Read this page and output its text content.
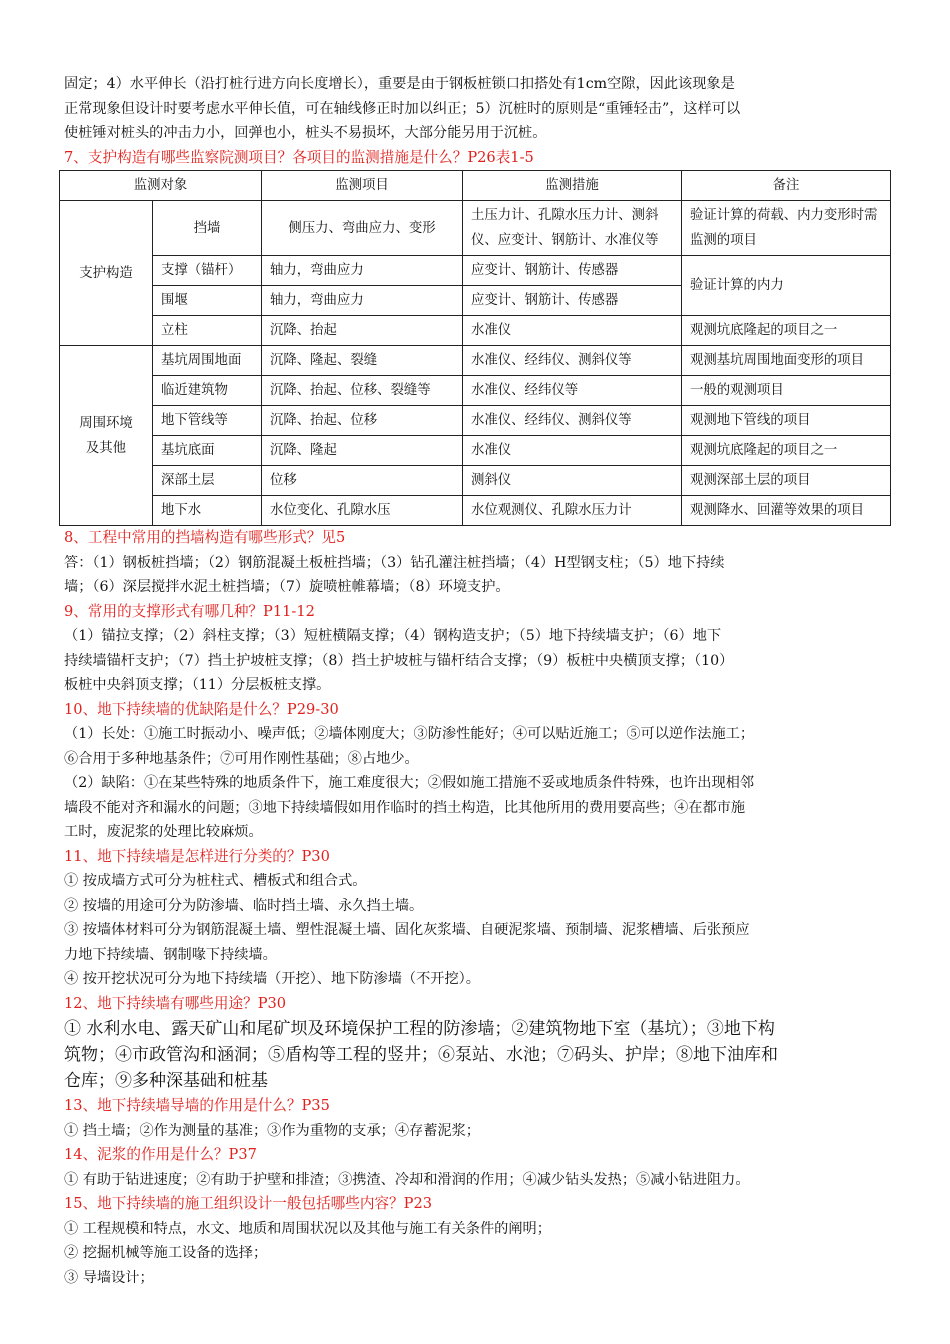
固定；4）水平伸长（沿打桩行进方向长度增长），重要是由于钢板桩锁口扣搭处有1cm空隙，因此该现象是

正常现象但设计时要考虑水平伸长值，可在轴线修正时加以纠正；5）沉桩时的原则是“重锤轻击”，这样可以

使桩锤对桩头的冲击力小，回弹也小，桩头不易损坏，大部分能另用于沉桩。

7、支护构造有哪些监察院测项目？各项目的监测措施是什么？P26表1-5

监测对象		监测项目	监测措施	备注
支护构造	挡墙	侧压力、弯曲应力、变形	土压力计、孔隙水压力计、测斜仪、应变计、钢筋计、水准仪等	验证计算的荷载、内力变形时需监测的项目
	支撑（锚杆）	轴力，弯曲应力	应变计、钢筋计、传感器	验证计算的内力
	围堰	轴力，弯曲应力	应变计、钢筋计、传感器	
	立柱	沉降、抬起	水准仪	观测坑底隆起的项目之一
周围环境
及其他	基坑周围地面	沉降、隆起、裂缝	水准仪、经纬仪、测斜仪等	观测基坑周围地面变形的项目
	临近建筑物	沉降、抬起、位移、裂缝等	水准仪、经纬仪等	一般的观测项目
	地下管线等	沉降、抬起、位移	水准仪、经纬仪、测斜仪等	观测地下管线的项目
	基坑底面	沉降、隆起	水准仪	观测坑底隆起的项目之一
	深部土层	位移	测斜仪	观测深部土层的项目
	地下水	水位变化、孔隙水压	水位观测仪、孔隙水压力计	观测降水、回灌等效果的项目

8、工程中常用的挡墙构造有哪些形式？见5

答：（1）钢板桩挡墙；（2）钢筋混凝土板桩挡墙；（3）钻孔灌注桩挡墙；（4）H型钢支柱；（5）地下持续

墙；（6）深层搅拌水泥土桩挡墙；（7）旋喷桩帷幕墙；（8）环境支护。

9、常用的支撑形式有哪几种？P11-12

（1）锚拉支撑；（2）斜柱支撑；（3）短桩横隔支撑；（4）钢构造支护；（5）地下持续墙支护；（6）地下

持续墙锚杆支护；（7）挡土护坡桩支撑；（8）挡土护坡桩与锚杆结合支撑；（9）板桩中央横顶支撑；（10）

板桩中央斜顶支撑；（11）分层板桩支撑。

10、地下持续墙的优缺陷是什么？P29-30

（1）长处：①施工时振动小、噪声低；②墙体刚度大；③防渗性能好；④可以贴近施工；⑤可以逆作法施工；

⑥合用于多种地基条件；⑦可用作刚性基础；⑧占地少。

（2）缺陷：①在某些特殊的地质条件下，施工难度很大；②假如施工措施不妥或地质条件特殊，也许出现相邻

墙段不能对齐和漏水的问题；③地下持续墙假如用作临时的挡土构造，比其他所用的费用要高些；④在都市施

工时，废泥浆的处理比较麻烦。

11、地下持续墙是怎样进行分类的？P30

① 按成墙方式可分为桩柱式、槽板式和组合式。

② 按墙的用途可分为防渗墙、临时挡土墙、永久挡土墙。

③ 按墙体材料可分为钢筋混凝土墙、塑性混凝土墙、固化灰浆墙、自硬泥浆墙、预制墙、泥浆槽墙、后张预应

力地下持续墙、钢制喙下持续墙。

④ 按开挖状况可分为地下持续墙（开挖）、地下防渗墙（不开挖）。

12、地下持续墙有哪些用途？P30

① 水利水电、露天矿山和尾矿坝及环境保护工程的防渗墙；②建筑物地下室（基坑）；③地下构

筑物；④市政管沟和涵洞；⑤盾构等工程的竖井；⑥泵站、水池；⑦码头、护岸；⑧地下油库和

仓库；⑨多种深基础和桩基

13、地下持续墙导墙的作用是什么？P35

① 挡土墙；②作为测量的基准；③作为重物的支承；④存蓄泥浆；

14、泥浆的作用是什么？P37

① 有助于钻进速度；②有助于护壁和排渣；③携渣、冷却和滑润的作用；④减少钻头发热；⑤减小钻进阻力。

15、地下持续墙的施工组织设计一般包括哪些内容？P23

① 工程规模和特点，水文、地质和周围状况以及其他与施工有关条件的阐明；

② 挖掘机械等施工设备的选择；

③ 导墙设计；
